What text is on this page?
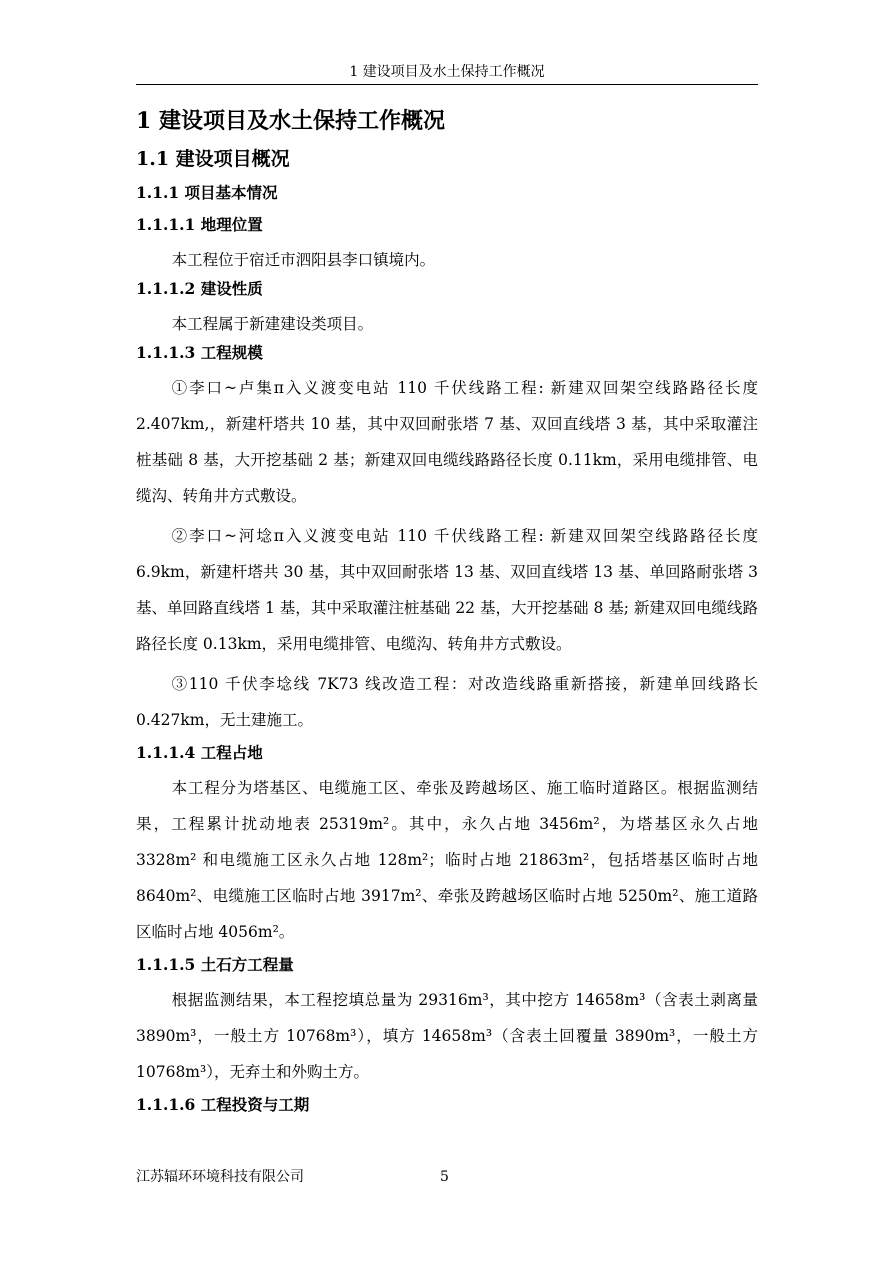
1 建设项目及水土保持工作概况
1 建设项目及水土保持工作概况
1.1 建设项目概况
1.1.1 项目基本情况
1.1.1.1 地理位置

本工程位于宿迁市泗阳县李口镇境内。

1.1.1.2 建设性质

本工程属于新建建设类项目。

1.1.1.3 工程规模

①李口~卢集π入义渡变电站 110 千伏线路工程: 新建双回架空线路路径长度 2.407km,，新建杆塔共 10 基，其中双回耐张塔 7 基、双回直线塔 3 基，其中采取灌注桩基础 8 基，大开挖基础 2 基；新建双回电缆线路路径长度 0.11km，采用电缆排管、电缆沟、转角井方式敷设。

②李口~河埝π入义渡变电站 110 千伏线路工程: 新建双回架空线路路径长度 6.9km，新建杆塔共 30 基，其中双回耐张塔 13 基、双回直线塔 13 基、单回路耐张塔 3 基、单回路直线塔 1 基，其中采取灌注桩基础 22 基，大开挖基础 8 基; 新建双回电缆线路路径长度 0.13km，采用电缆排管、电缆沟、转角井方式敷设。

③110 千伏李埝线 7K73 线改造工程：对改造线路重新搭接，新建单回线路长 0.427km，无土建施工。

1.1.1.4 工程占地

本工程分为塔基区、电缆施工区、牵张及跨越场区、施工临时道路区。根据监测结果，工程累计扰动地表 25319m²。其中，永久占地 3456m²，为塔基区永久占地 3328m² 和电缆施工区永久占地 128m²；临时占地 21863m²，包括塔基区临时占地 8640m²、电缆施工区临时占地 3917m²、牵张及跨越场区临时占地 5250m²、施工道路区临时占地 4056m²。

1.1.1.5 土石方工程量

根据监测结果，本工程挖填总量为 29316m³，其中挖方 14658m³（含表土剥离量 3890m³，一般土方 10768m³），填方 14658m³（含表土回覆量 3890m³，一般土方 10768m³），无弃土和外购土方。

1.1.1.6 工程投资与工期
江苏辐环环境科技有限公司	5
